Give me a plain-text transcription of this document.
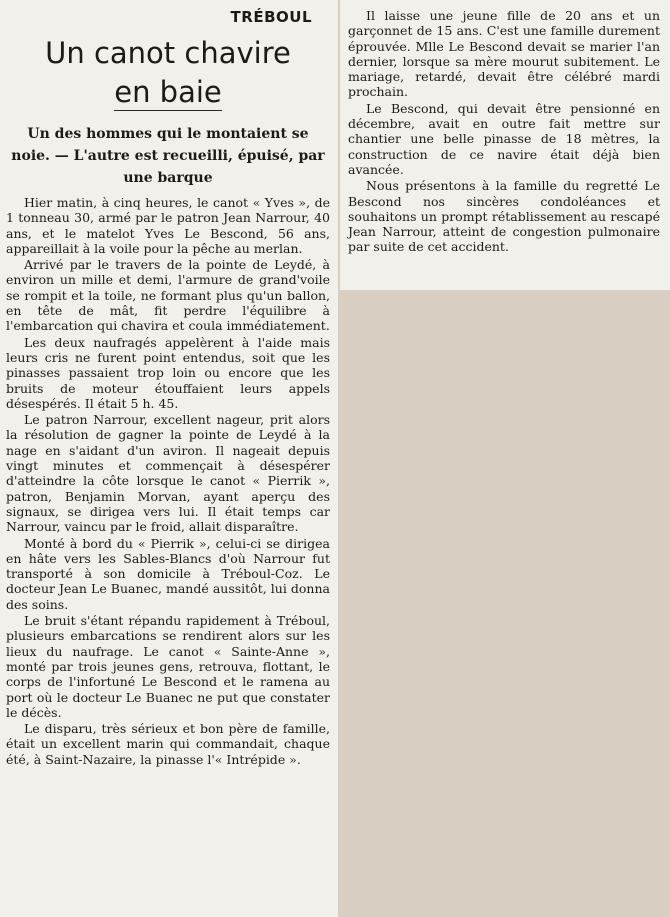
TRÉBOUL
Un canot chavire
en baie
Un des hommes qui le montaient se noie. — L'autre est recueilli, épuisé, par une barque

Hier matin, à cinq heures, le canot « Yves », de 1 tonneau 30, armé par le patron Jean Narrour, 40 ans, et le matelot Yves Le Bescond, 56 ans, appareillait à la voile pour la pêche au merlan.

Arrivé par le travers de la pointe de Leydé, à environ un mille et demi, l'armure de grand'voile se rompit et la toile, ne formant plus qu'un ballon, en tête de mât, fit perdre l'équilibre à l'embarcation qui chavira et coula immédiatement.

Les deux naufragés appelèrent à l'aide mais leurs cris ne furent point entendus, soit que les pinasses passaient trop loin ou encore que les bruits de moteur étouffaient leurs appels désespérés. Il était 5 h. 45.

Le patron Narrour, excellent nageur, prit alors la résolution de gagner la pointe de Leydé à la nage en s'aidant d'un aviron. Il nageait depuis vingt minutes et commençait à désespérer d'atteindre la côte lorsque le canot « Pierrik », patron, Benjamin Morvan, ayant aperçu des signaux, se dirigea vers lui. Il était temps car Narrour, vaincu par le froid, allait disparaître.

Monté à bord du « Pierrik », celui-ci se dirigea en hâte vers les Sables-Blancs d'où Narrour fut transporté à son domicile à Tréboul-Coz. Le docteur Jean Le Buanec, mandé aussitôt, lui donna des soins.

Le bruit s'étant répandu rapidement à Tréboul, plusieurs embarcations se rendirent alors sur les lieux du naufrage. Le canot « Sainte-Anne », monté par trois jeunes gens, retrouva, flottant, le corps de l'infortuné Le Bescond et le ramena au port où le docteur Le Buanec ne put que constater le décès.

Le disparu, très sérieux et bon père de famille, était un excellent marin qui commandait, chaque été, à Saint-Nazaire, la pinasse l'« Intrépide ».

Il laisse une jeune fille de 20 ans et un garçonnet de 15 ans. C'est une famille durement éprouvée. Mlle Le Bescond devait se marier l'an dernier, lorsque sa mère mourut subitement. Le mariage, retardé, devait être célébré mardi prochain.

Le Bescond, qui devait être pensionné en décembre, avait en outre fait mettre sur chantier une belle pinasse de 18 mètres, la construction de ce navire était déjà bien avancée.

Nous présentons à la famille du regretté Le Bescond nos sincères condoléances et souhaitons un prompt rétablissement au rescapé Jean Narrour, atteint de congestion pulmonaire par suite de cet accident.
